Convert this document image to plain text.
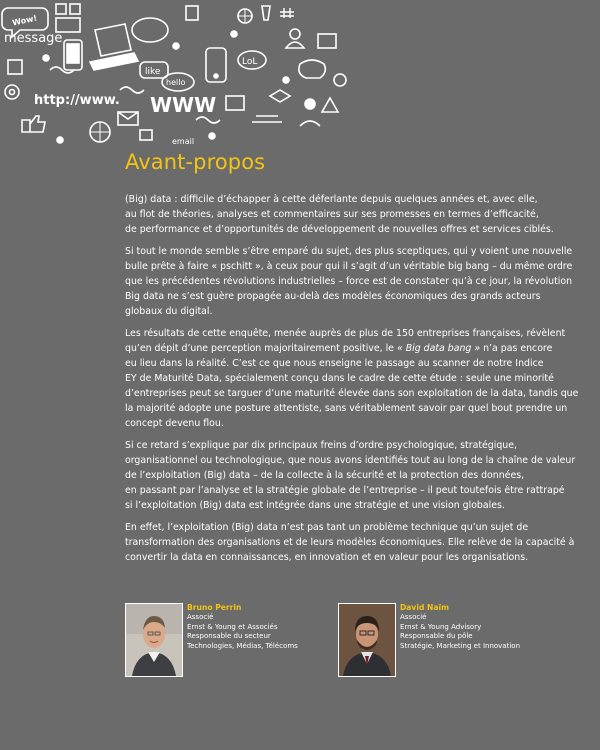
Wow!
message
like
hello
LoL
http://www. WWW
email
Avant-propos

(Big) data : difficile d’échapper à cette déferlante depuis quelques années et, avec elle,
au flot de théories, analyses et commentaires sur ses promesses en termes d’efficacité,
de performance et d’opportunités de développement de nouvelles offres et services ciblés.

Si tout le monde semble s’être emparé du sujet, des plus sceptiques, qui y voient une nouvelle
bulle prête à faire « pschitt », à ceux pour qui il s’agit d’un véritable big bang – du même ordre
que les précédentes révolutions industrielles – force est de constater qu’à ce jour, la révolution
Big data ne s’est guère propagée au-delà des modèles économiques des grands acteurs
globaux du digital.

Les résultats de cette enquête, menée auprès de plus de 150 entreprises françaises, révèlent
qu’en dépit d’une perception majoritairement positive, le « Big data bang » n’a pas encore
eu lieu dans la réalité. C’est ce que nous enseigne le passage au scanner de notre Indice
EY de Maturité Data, spécialement conçu dans le cadre de cette étude : seule une minorité
d’entreprises peut se targuer d’une maturité élevée dans son exploitation de la data, tandis que
la majorité adopte une posture attentiste, sans véritablement savoir par quel bout prendre un
concept devenu flou.

Si ce retard s’explique par dix principaux freins d’ordre psychologique, stratégique,
organisationnel ou technologique, que nous avons identifiés tout au long de la chaîne de valeur
de l’exploitation (Big) data – de la collecte à la sécurité et la protection des données,
en passant par l’analyse et la stratégie globale de l’entreprise – il peut toutefois être rattrapé
si l’exploitation (Big) data est intégrée dans une stratégie et une vision globales.

En effet, l’exploitation (Big) data n’est pas tant un problème technique qu’un sujet de
transformation des organisations et de leurs modèles économiques. Elle relève de la capacité à
convertir la data en connaissances, en innovation et en valeur pour les organisations.

Bruno Perrin
Associé
Ernst & Young et Associés
Responsable du secteur
Technologies, Médias, Télécoms
David Naïm
Associé
Ernst & Young Advisory
Responsable du pôle
Stratégie, Marketing et Innovation
